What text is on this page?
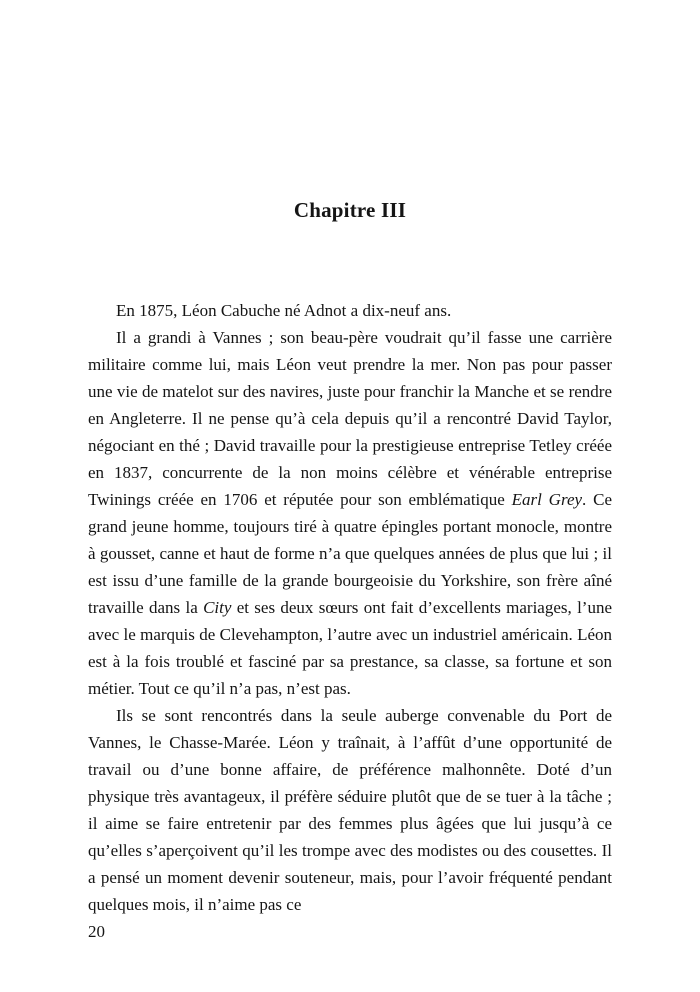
Chapitre III

En 1875, Léon Cabuche né Adnot a dix-neuf ans.

Il a grandi à Vannes ; son beau-père voudrait qu’il fasse une carrière militaire comme lui, mais Léon veut prendre la mer. Non pas pour passer une vie de matelot sur des navires, juste pour franchir la Manche et se rendre en Angleterre. Il ne pense qu’à cela depuis qu’il a rencontré David Taylor, négociant en thé ; David travaille pour la prestigieuse entreprise Tetley créée en 1837, concurrente de la non moins célèbre et vénérable entreprise Twinings créée en 1706 et réputée pour son emblématique Earl Grey. Ce grand jeune homme, toujours tiré à quatre épingles portant monocle, montre à gousset, canne et haut de forme n’a que quelques années de plus que lui ; il est issu d’une famille de la grande bourgeoisie du Yorkshire, son frère aîné travaille dans la City et ses deux sœurs ont fait d’excellents mariages, l’une avec le marquis de Clevehampton, l’autre avec un industriel américain. Léon est à la fois troublé et fasciné par sa prestance, sa classe, sa fortune et son métier. Tout ce qu’il n’a pas, n’est pas.

Ils se sont rencontrés dans la seule auberge convenable du Port de Vannes, le Chasse-Marée. Léon y traînait, à l’affût d’une opportunité de travail ou d’une bonne affaire, de préférence malhonnête. Doté d’un physique très avantageux, il préfère séduire plutôt que de se tuer à la tâche ; il aime se faire entretenir par des femmes plus âgées que lui jusqu’à ce qu’elles s’aperçoivent qu’il les trompe avec des modistes ou des cousettes. Il a pensé un moment devenir souteneur, mais, pour l’avoir fréquenté pendant quelques mois, il n’aime pas ce

20
